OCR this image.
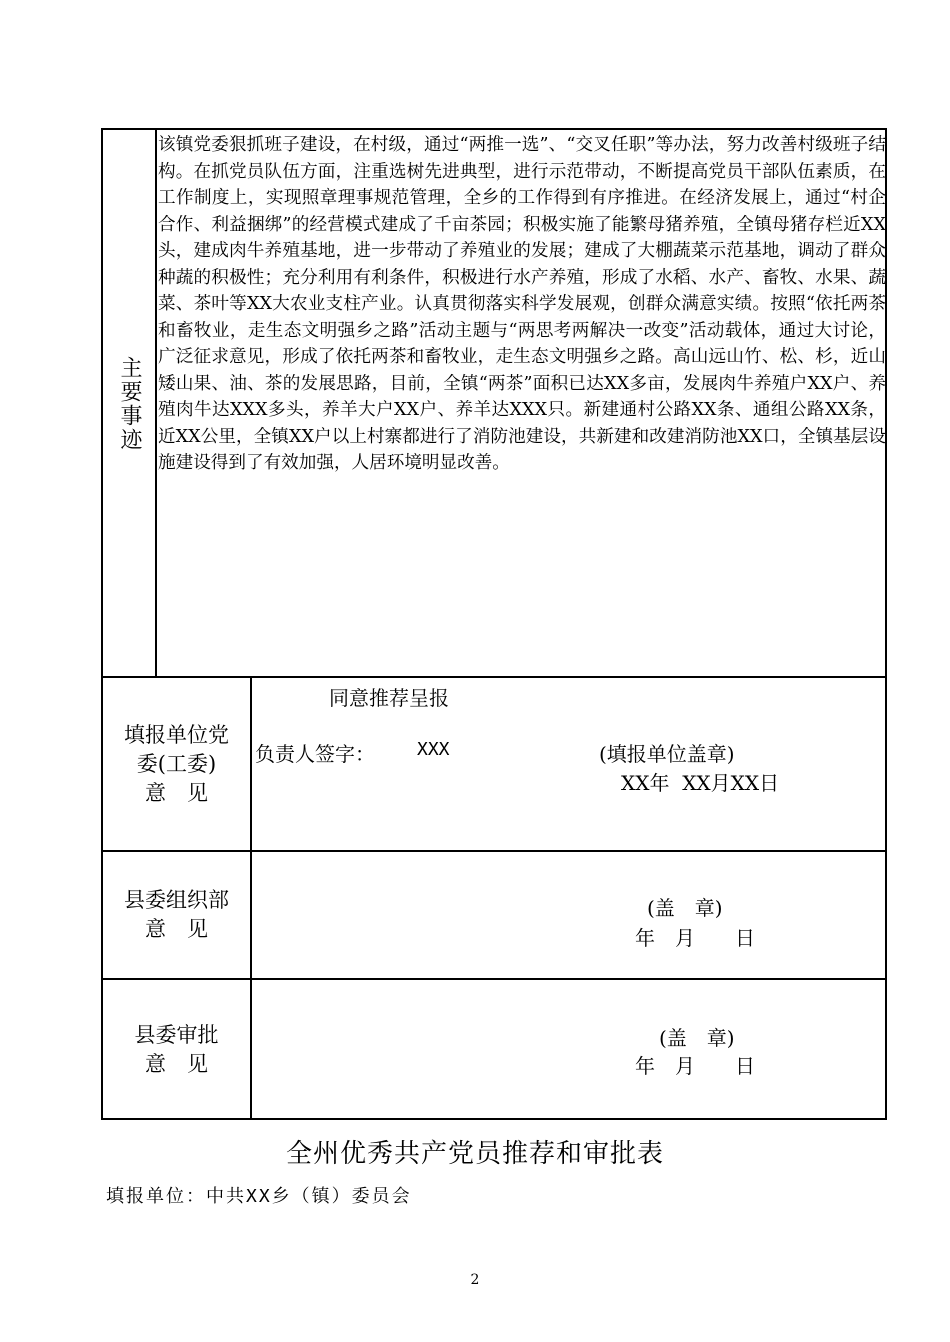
主要事迹
该镇党委狠抓班子建设，在村级，通过“两推一选”、“交叉任职”等办法，努力改善村级班子结构。在抓党员队伍方面，注重选树先进典型，进行示范带动，不断提高党员干部队伍素质，在工作制度上，实现照章理事规范管理，全乡的工作得到有序推进。在经济发展上，通过“村企合作、利益捆绑”的经营模式建成了千亩茶园；积极实施了能繁母猪养殖，全镇母猪存栏近XX头，建成肉牛养殖基地，进一步带动了养殖业的发展；建成了大棚蔬菜示范基地，调动了群众种蔬的积极性；充分利用有利条件，积极进行水产养殖，形成了水稻、水产、畜牧、水果、蔬菜、茶叶等XX大农业支柱产业。认真贯彻落实科学发展观，创群众满意实绩。按照“依托两茶和畜牧业，走生态文明强乡之路”活动主题与“两思考两解决一改变”活动载体，通过大讨论，广泛征求意见，形成了依托两茶和畜牧业，走生态文明强乡之路。高山远山竹、松、杉，近山矮山果、油、茶的发展思路，目前，全镇“两茶”面积已达XX多亩，发展肉牛养殖户XX户、养殖肉牛达XXX多头，养羊大户XX户、养羊达XXX只。新建通村公路XX条、通组公路XX条，近XX公里，全镇XX户以上村寨都进行了消防池建设，共新建和改建消防池XX口，全镇基层设施建设得到了有效加强，人居环境明显改善。
填报单位党
委(工委)
意　见
同意推荐呈报
负责人签字： XXX	(填报单位盖章)
XX年  XX月XX日
县委组织部
意　见
(盖　章)
年　月　　日
县委审批
意　见
(盖　章)
年　月　　日
全州优秀共产党员推荐和审批表
填报单位：中共XX乡（镇）委员会
2
